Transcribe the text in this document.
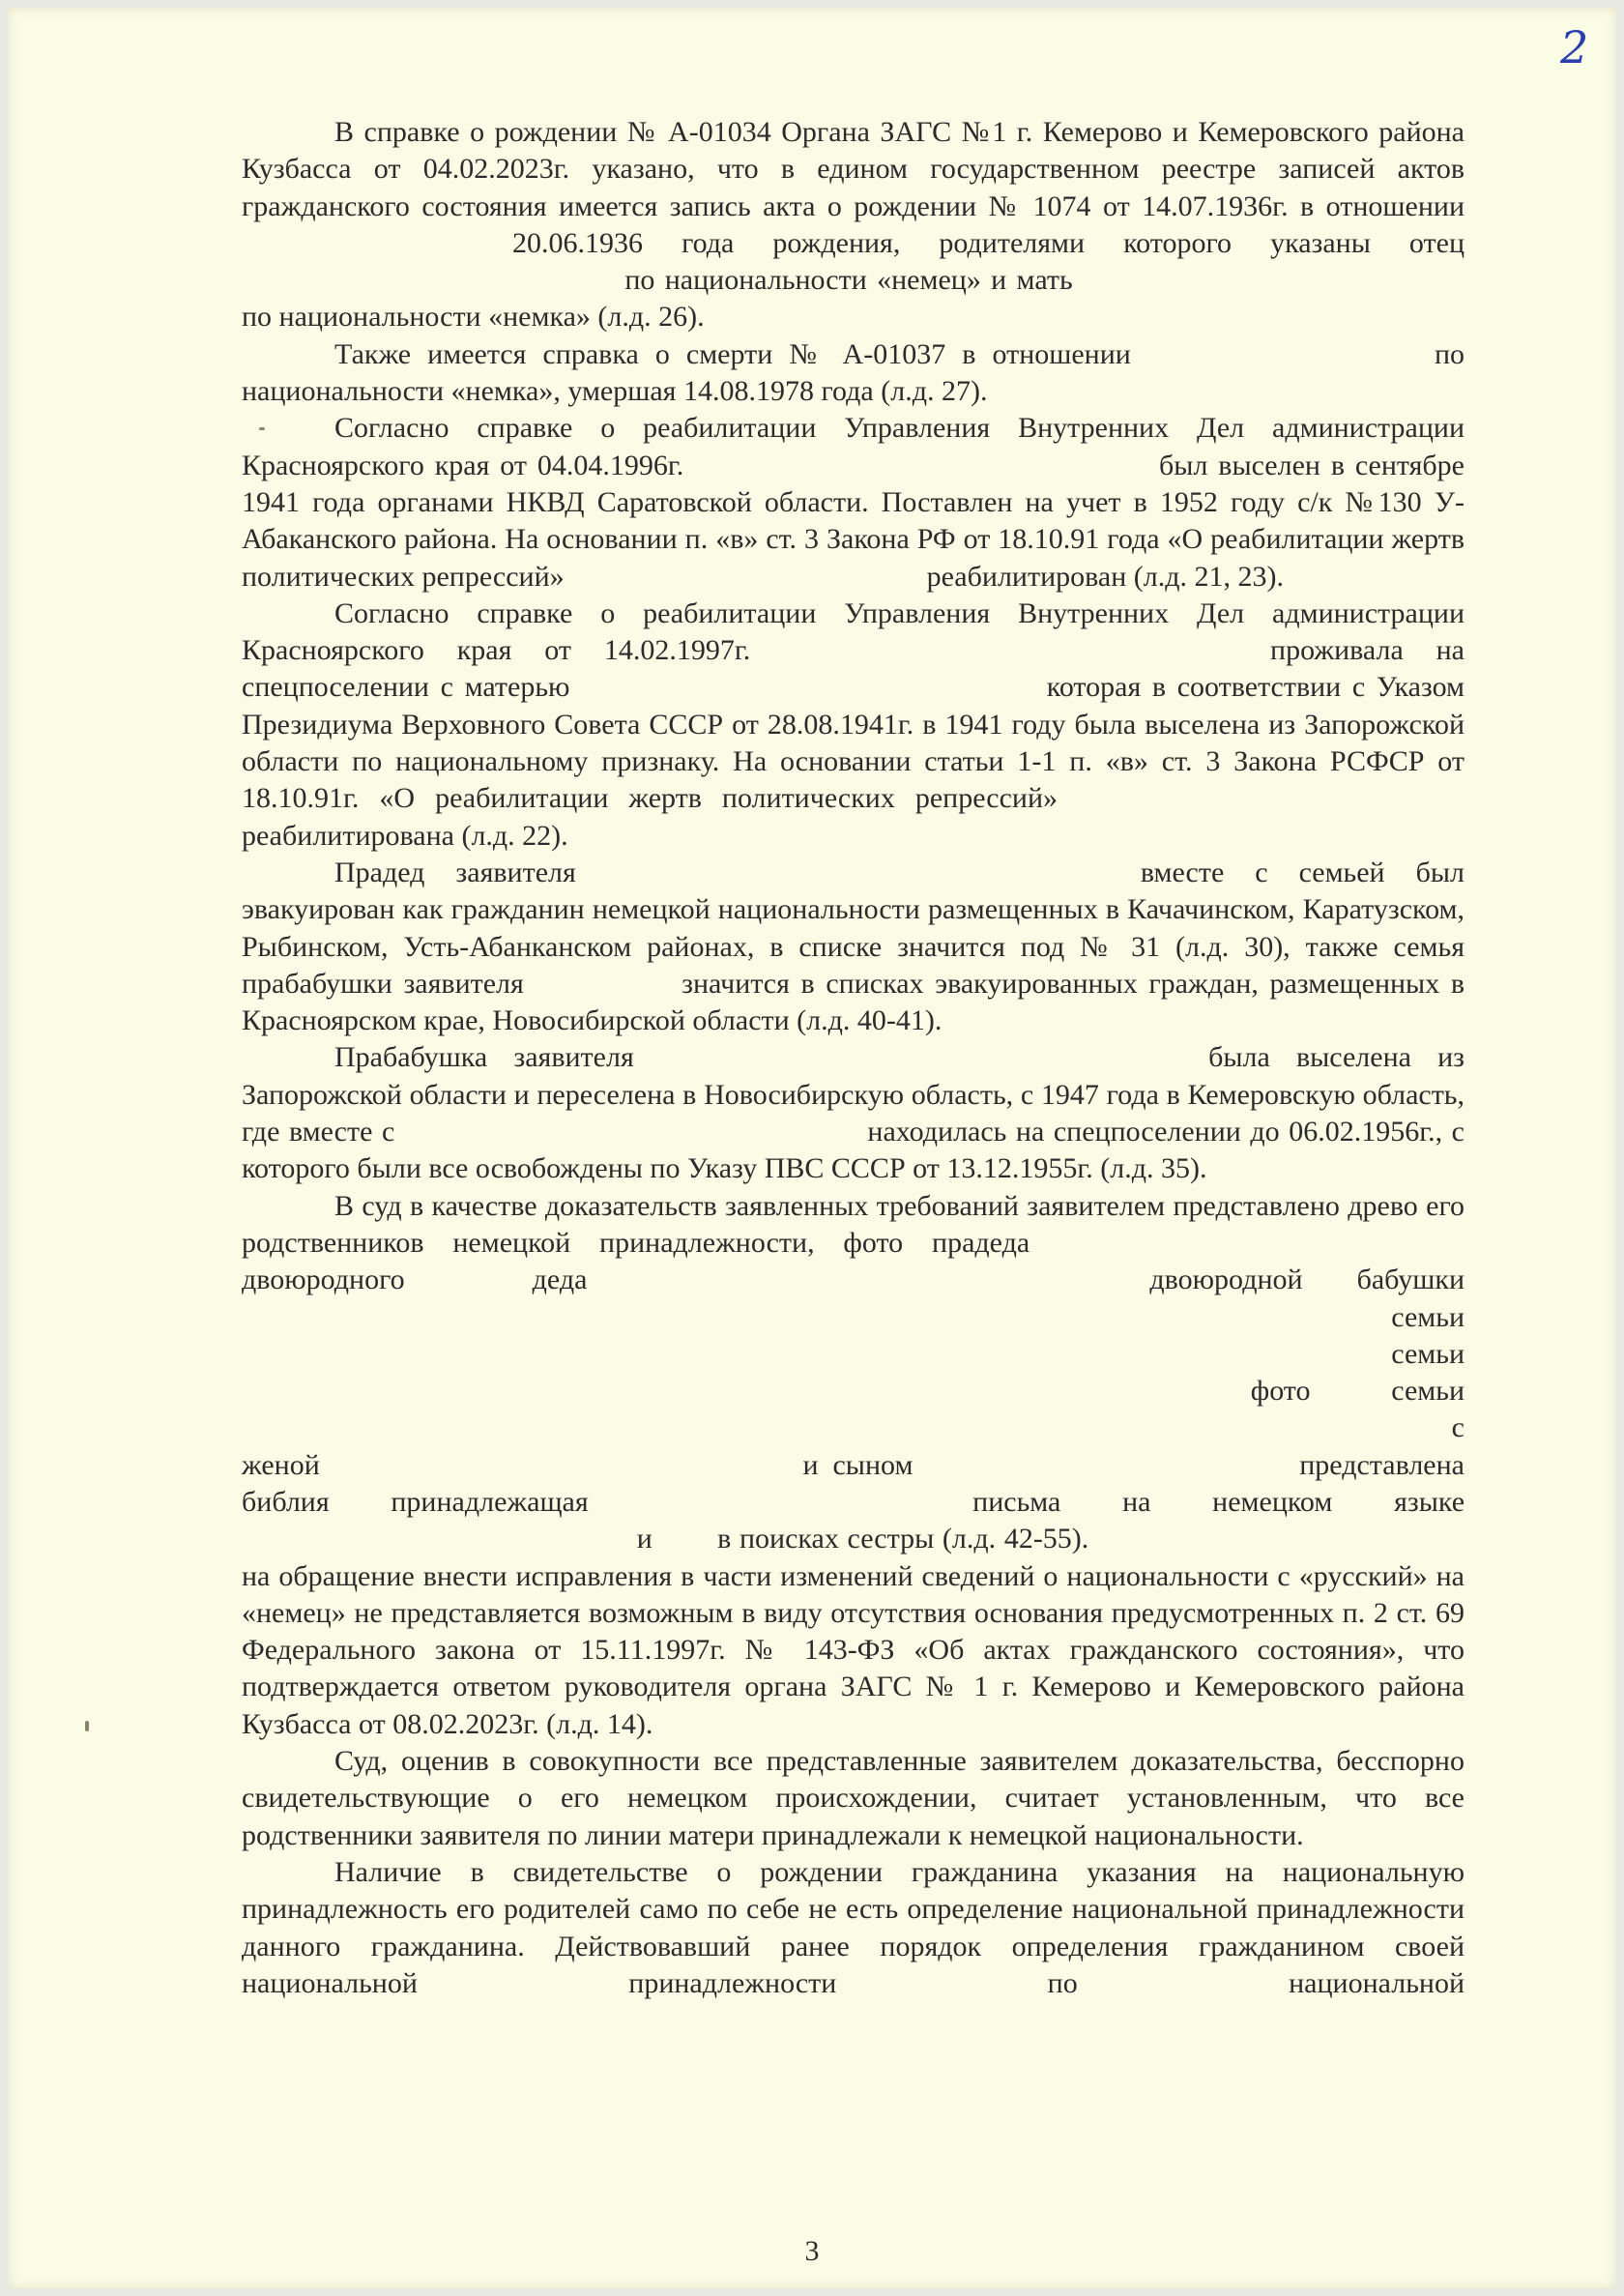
2

В справке о рождении № А-01034 Органа ЗАГС №1 г. Кемерово и Кемеровского района Кузбасса от 04.02.2023г. указано, что в едином государственном реестре записей актов гражданского состояния имеется запись акта о рождении № 1074 от 14.07.1936г. в отношении  20.06.1936 года рождения, родителями которого указаны отец  по национальности «немец» и мать  по национальности «немка» (л.д. 26).

Также имеется справка о смерти № А-01037 в отношении	по национальности «немка», умершая 14.08.1978 года (л.д. 27).

Согласно справке о реабилитации Управления Внутренних Дел администрации Красноярского края от 04.04.1996г.	был выселен в сентябре 1941 года органами НКВД Саратовской области. Поставлен на учет в 1952 году с/к №130 У-Абаканского района. На основании п. «в» ст. 3 Закона РФ от 18.10.91 года «О реабилитации жертв политических репрессий»	реабилитирован (л.д. 21, 23).

Согласно справке о реабилитации Управления Внутренних Дел администрации Красноярского края от 14.02.1997г.	проживала на спецпоселении с матерью	которая в соответствии с Указом Президиума Верховного Совета СССР от 28.08.1941г. в 1941 году была выселена из Запорожской области по национальному признаку. На основании статьи 1-1 п. «в» ст. 3 Закона РСФСР от 18.10.91г. «О реабилитации жертв политических репрессий»  реабилитирована (л.д. 22).

Прадед заявителя	вместе с семьей был эвакуирован как гражданин немецкой национальности размещенных в Качачинском, Каратузском, Рыбинском, Усть-Абанканском районах, в списке значится под № 31 (л.д. 30), также семья прабабушки заявителя	значится в списках эвакуированных граждан, размещенных в Красноярском крае, Новосибирской области (л.д. 40-41).

Прабабушка заявителя	была выселена из Запорожской области и переселена в Новосибирскую область, с 1947 года в Кемеровскую область, где вместе с	находилась на спецпоселении до 06.02.1956г., с которого были все освобождены по Указу ПВС СССР от 13.12.1955г. (л.д. 35).

В суд в качестве доказательств заявленных требований заявителем представлено древо его родственников немецкой принадлежности, фото прадеда  двоюродного	деда	двоюродной бабушки  семьи  семьи  фото семьи  с женой	и сыном	представлена библия принадлежащая	письма на немецком языке  и в поисках сестры (л.д. 42-55).  на обращение внести исправления в части изменений сведений о национальности с «русский» на «немец» не представляется возможным в виду отсутствия основания предусмотренных п. 2 ст. 69 Федерального закона от 15.11.1997г. № 143-ФЗ «Об актах гражданского состояния», что подтверждается ответом руководителя органа ЗАГС № 1 г. Кемерово и Кемеровского района Кузбасса от 08.02.2023г. (л.д. 14).

Суд, оценив в совокупности все представленные заявителем доказательства, бесспорно свидетельствующие о его немецком происхождении, считает установленным, что все родственники заявителя по линии матери принадлежали к немецкой национальности.

Наличие в свидетельстве о рождении гражданина указания на национальную принадлежность его родителей само по себе не есть определение национальной принадлежности данного гражданина. Действовавший ранее порядок определения гражданином своей национальной принадлежности по национальной

3
